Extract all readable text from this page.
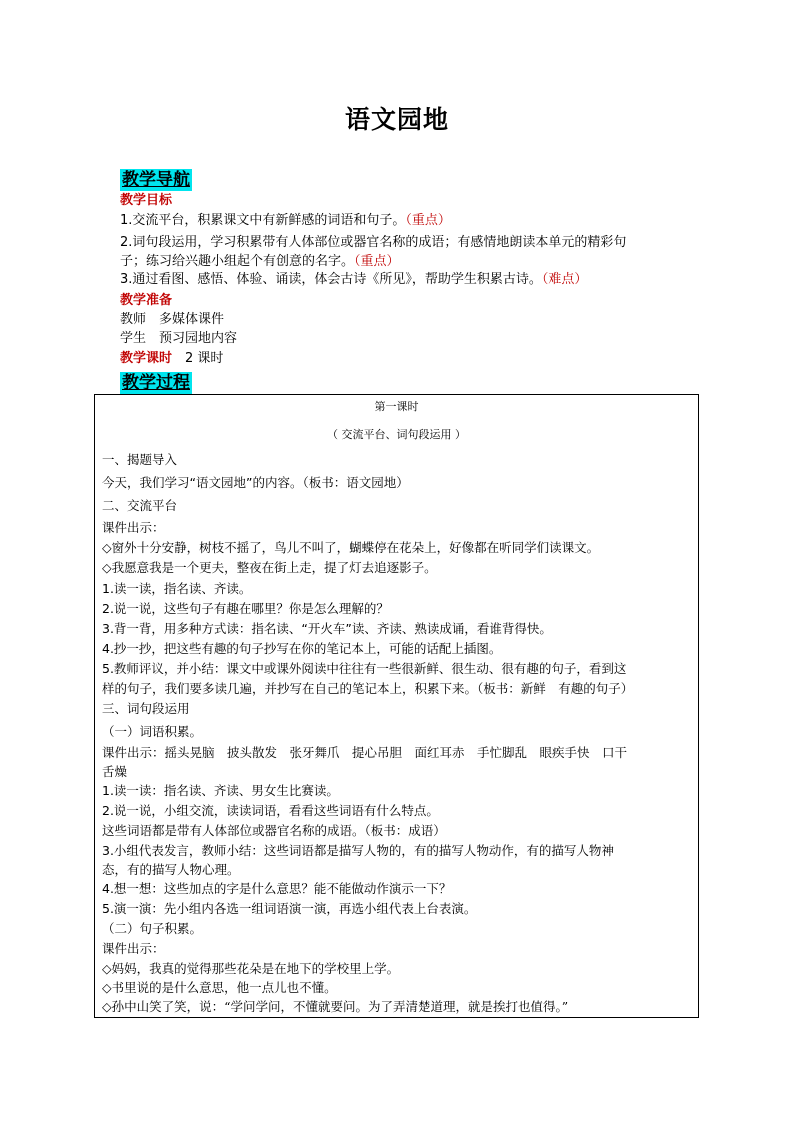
语文园地
教学导航
教学目标
1.交流平台，积累课文中有新鲜感的词语和句子。（重点）
2.词句段运用，学习积累带有人体部位或器官名称的成语；有感情地朗读本单元的精彩句
子；练习给兴趣小组起个有创意的名字。（重点）
3.通过看图、感悟、体验、诵读，体会古诗《所见》，帮助学生积累古诗。（难点）
教学准备
教师　多媒体课件
学生　预习园地内容
教学课时　 2 课时
教学过程
第一课时
（ 交流平台、词句段运用 ）
一、揭题导入
今天，我们学习“语文园地”的内容。（板书：语文园地）
二、交流平台
课件出示：
◇窗外十分安静，树枝不摇了，鸟儿不叫了，蝴蝶停在花朵上，好像都在听同学们读课文。
◇我愿意我是一个更夫，整夜在街上走，提了灯去追逐影子。
1.读一读，指名读、齐读。
2.说一说，这些句子有趣在哪里？你是怎么理解的？
3.背一背，用多种方式读：指名读、“开火车”读、齐读、熟读成诵，看谁背得快。
4.抄一抄，把这些有趣的句子抄写在你的笔记本上，可能的话配上插图。
5.教师评议，并小结：课文中或课外阅读中往往有一些很新鲜、很生动、很有趣的句子，看到这
样的句子，我们要多读几遍，并抄写在自己的笔记本上，积累下来。（板书：新鲜　有趣的句子）
三、词句段运用
（一）词语积累。
课件出示：摇头晃脑　披头散发　张牙舞爪　提心吊胆　面红耳赤　手忙脚乱　眼疾手快　口干
舌燥
1.读一读：指名读、齐读、男女生比赛读。
2.说一说，小组交流，读读词语，看看这些词语有什么特点。
这些词语都是带有人体部位或器官名称的成语。（板书：成语）
3.小组代表发言，教师小结：这些词语都是描写人物的，有的描写人物动作，有的描写人物神
态，有的描写人物心理。
4.想一想：这些加点的字是什么意思？能不能做动作演示一下？
5.演一演：先小组内各选一组词语演一演，再选小组代表上台表演。
（二）句子积累。
课件出示：
◇妈妈，我真的觉得那些花朵是在地下的学校里上学。
◇书里说的是什么意思，他一点儿也不懂。
◇孙中山笑了笑，说：“学问学问，不懂就要问。为了弄清楚道理，就是挨打也值得。”
